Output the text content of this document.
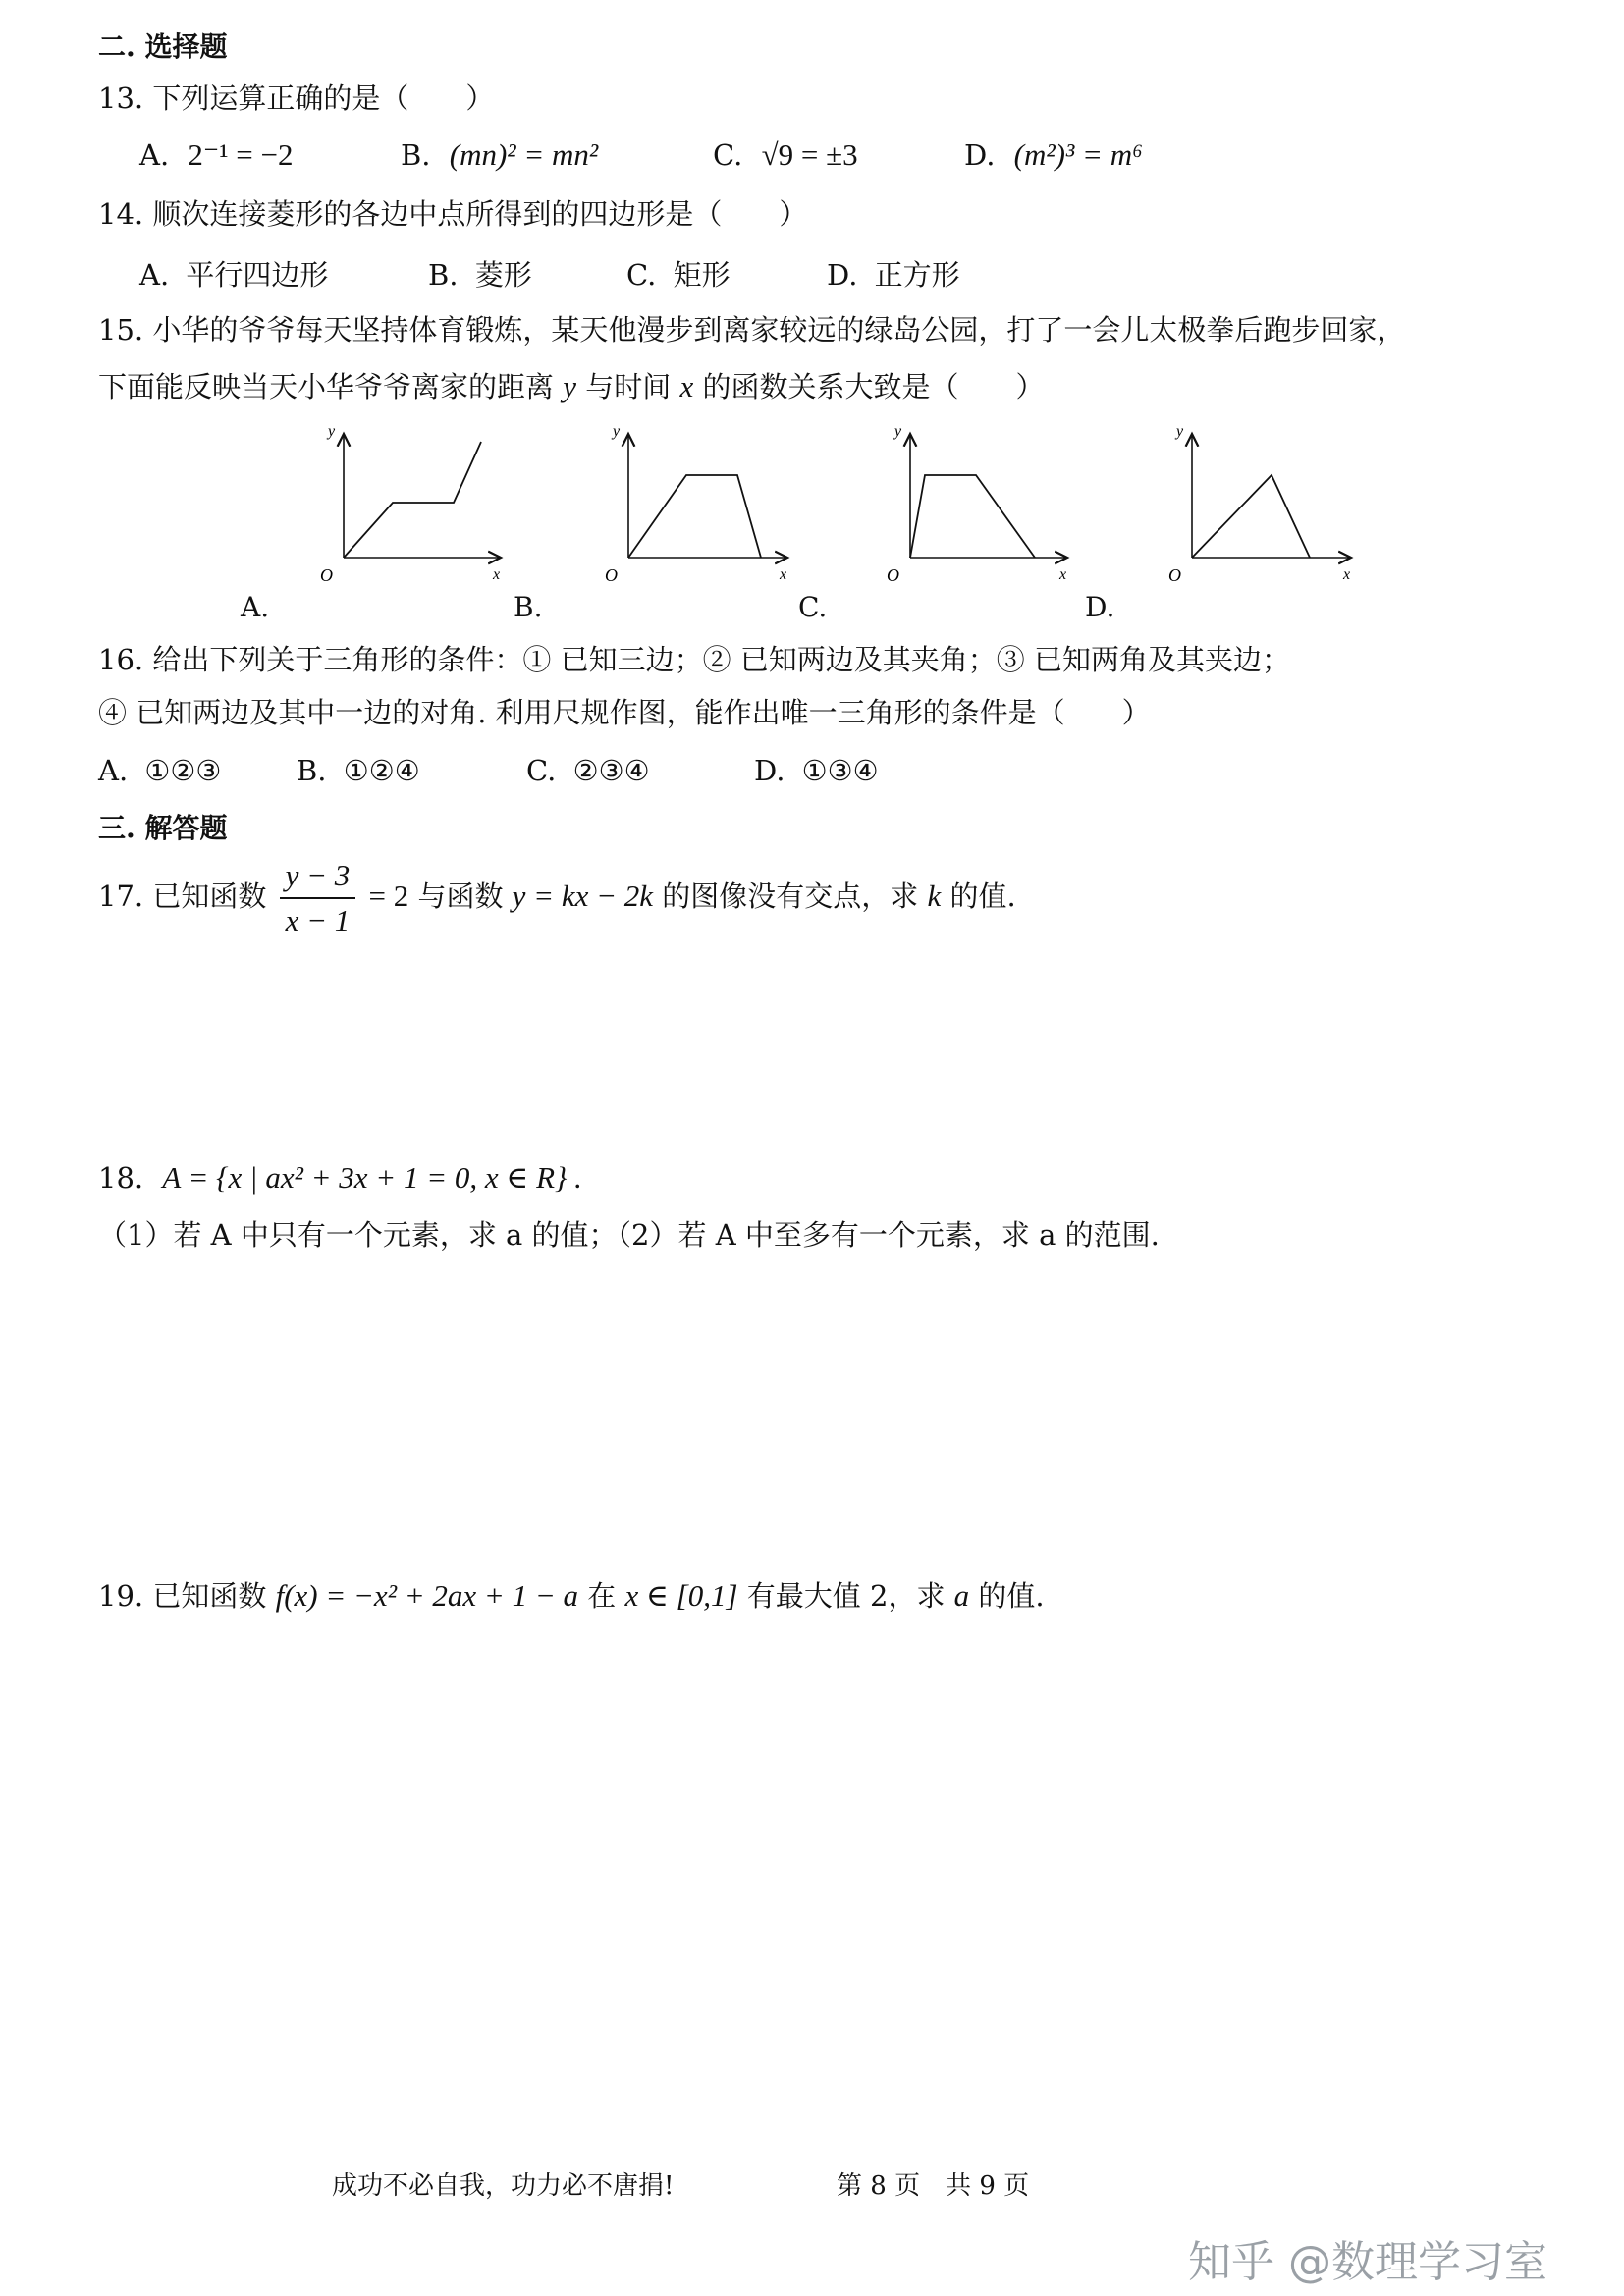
二. 选择题
13. 下列运算正确的是（　　）
A. 2⁻¹ = −2	B. (mn)² = mn²	C. √9 = ±3	D. (m²)³ = m⁶
14. 顺次连接菱形的各边中点所得到的四边形是（　　）
A. 平行四边形	B. 菱形	C. 矩形	D. 正方形
15. 小华的爷爷每天坚持体育锻炼，某天他漫步到离家较远的绿岛公园，打了一会儿太极拳后跑步回家，
下面能反映当天小华爷爷离家的距离 y 与时间 x 的函数关系大致是（　　）
y
x
O
y
x
O
y
x
O
y
x
O
A.	B.	C.	D.
16. 给出下列关于三角形的条件：① 已知三边；② 已知两边及其夹角；③ 已知两角及其夹边；
④ 已知两边及其中一边的对角. 利用尺规作图，能作出唯一三角形的条件是（　　）
A. ①②③	B. ①②④	C. ②③④	D. ①③④
三. 解答题
17. 已知函数 $\frac{y - 3}{x - 1} = 2$ 与函数 y = kx − 2k 的图像没有交点，求 k 的值.
18. A = {x | ax² + 3x + 1 = 0, x ∈ R} .
（1）若 A 中只有一个元素，求 a 的值；（2）若 A 中至多有一个元素，求 a 的范围.
19. 已知函数 f(x) = −x² + 2ax + 1 − a 在 x ∈ [0,1] 有最大值 2，求 a 的值.
成功不必自我，功力必不唐捐!	第 8 页　共 9 页
知乎 @数理学习室
